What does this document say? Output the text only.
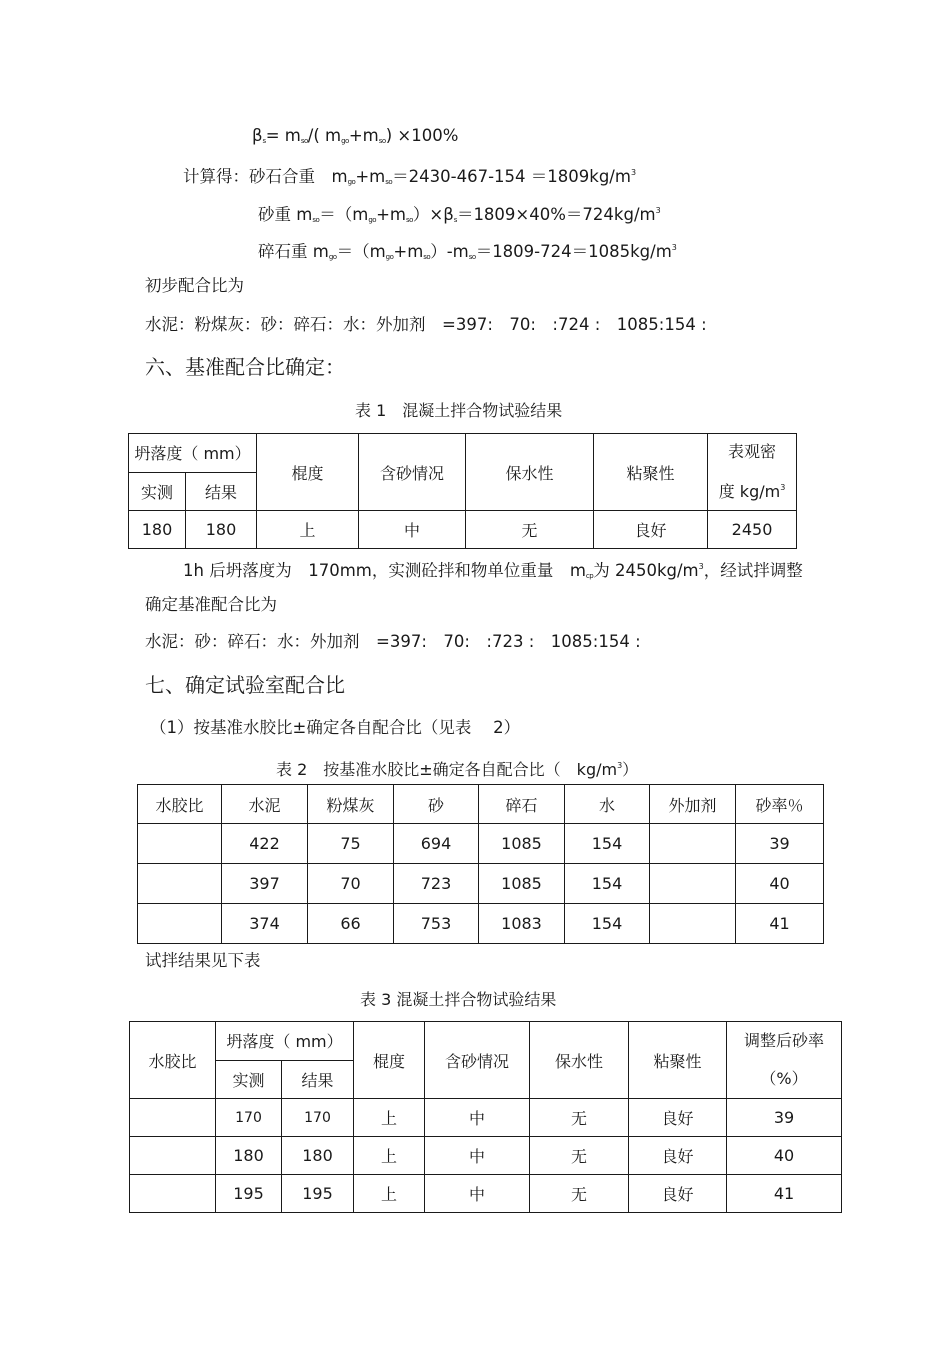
$\beta_s= m_{so}/$( $m_{go}+m_{so}) \times 100\%$
计算得：砂石合重　$m_{go}+m_{so}=2430-467-154 =1809kg/m^3$
砂重 $m_{so}=(m_{go}+m_{so})\times\beta_s=1809\times 40\%=724kg/m^3$
碎石重 $m_{go}=(m_{go}+m_{so})-m_{so}=1809-724=1085kg/m^3$
初步配合比为
水泥：粉煤灰：砂：碎石：水：外加剂　=397:　70:　:724 :　1085:154 :
六、基准配合比确定：
表 1　混凝土拌合物试验结果
坍落度（ mm）		棍度	含砂情况	保水性	粘聚性	表观密
度 $kg/m^3$
实测	结果					
180	180	上	中	无	良好	2450
1h 后坍落度为　170mm，实测砼拌和物单位重量　$m_{cp}$为 $2450kg/m^3$，经试拌调整
确定基准配合比为
水泥：砂：碎石：水：外加剂　=397:　70:　:723 :　1085:154 :
七、确定试验室配合比
（1）按基准水胶比±确定各自配合比（见表　 2）
表 2　按基准水胶比±确定各自配合比（　$kg/m^3$）
水胶比	水泥	粉煤灰	砂	碎石	水	外加剂	砂率％
	422	75	694	1085	154		39
	397	70	723	1085	154		40
	374	66	753	1083	154		41
试拌结果见下表
表 3 混凝土拌合物试验结果
水胶比	坍落度（ mm）		棍度	含砂情况	保水性	粘聚性	调整后砂率
（%）
	实测	结果					
	170	170	上	中	无	良好	39
	180	180	上	中	无	良好	40
	195	195	上	中	无	良好	41
